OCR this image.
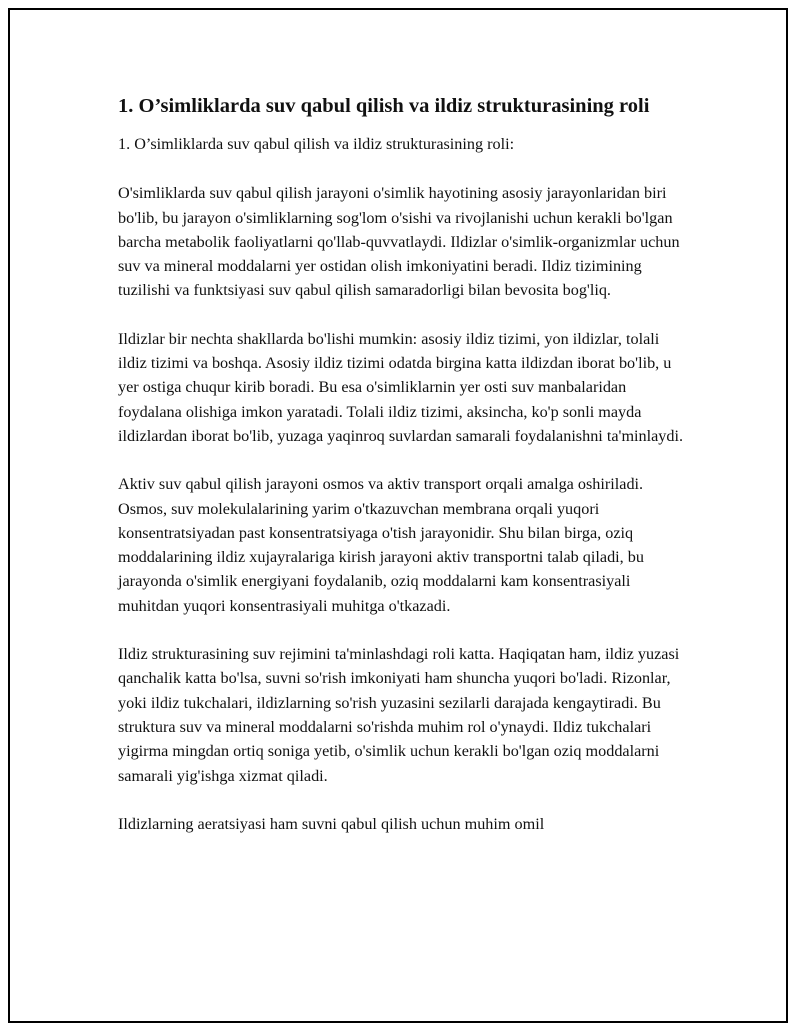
1. O’simliklarda suv qabul qilish va ildiz strukturasining roli

1. O’simliklarda suv qabul qilish va ildiz strukturasining roli:

O'simliklarda suv qabul qilish jarayoni o'simlik hayotining asosiy jarayonlaridan biri bo'lib, bu jarayon o'simliklarning sog'lom o'sishi va rivojlanishi uchun kerakli bo'lgan barcha metabolik faoliyatlarni qo'llab-quvvatlaydi. Ildizlar o'simlik-organizmlar uchun suv va mineral moddalarni yer ostidan olish imkoniyatini beradi. Ildiz tizimining tuzilishi va funktsiyasi suv qabul qilish samaradorligi bilan bevosita bog'liq.

Ildizlar bir nechta shakllarda bo'lishi mumkin: asosiy ildiz tizimi, yon ildizlar, tolali ildiz tizimi va boshqa. Asosiy ildiz tizimi odatda birgina katta ildizdan iborat bo'lib, u yer ostiga chuqur kirib boradi. Bu esa o'simliklarnin yer osti suv manbalaridan foydalana olishiga imkon yaratadi. Tolali ildiz tizimi, aksincha, ko'p sonli mayda ildizlardan iborat bo'lib, yuzaga yaqinroq suvlardan samarali foydalanishni ta'minlaydi.

Aktiv suv qabul qilish jarayoni osmos va aktiv transport orqali amalga oshiriladi. Osmos, suv molekulalarining yarim o'tkazuvchan membrana orqali yuqori konsentratsiyadan past konsentratsiyaga o'tish jarayonidir. Shu bilan birga, oziq moddalarining ildiz xujayralariga kirish jarayoni aktiv transportni talab qiladi, bu jarayonda o'simlik energiyani foydalanib, oziq moddalarni kam konsentrasiyali muhitdan yuqori konsentrasiyali muhitga o'tkazadi.

Ildiz strukturasining suv rejimini ta'minlashdagi roli katta. Haqiqatan ham, ildiz yuzasi qanchalik katta bo'lsa, suvni so'rish imkoniyati ham shuncha yuqori bo'ladi. Rizonlar, yoki ildiz tukchalari, ildizlarning so'rish yuzasini sezilarli darajada kengaytiradi. Bu struktura suv va mineral moddalarni so'rishda muhim rol o'ynaydi. Ildiz tukchalari yigirma mingdan ortiq soniga yetib, o'simlik uchun kerakli bo'lgan oziq moddalarni samarali yig'ishga xizmat qiladi.

Ildizlarning aeratsiyasi ham suvni qabul qilish uchun muhim omil
